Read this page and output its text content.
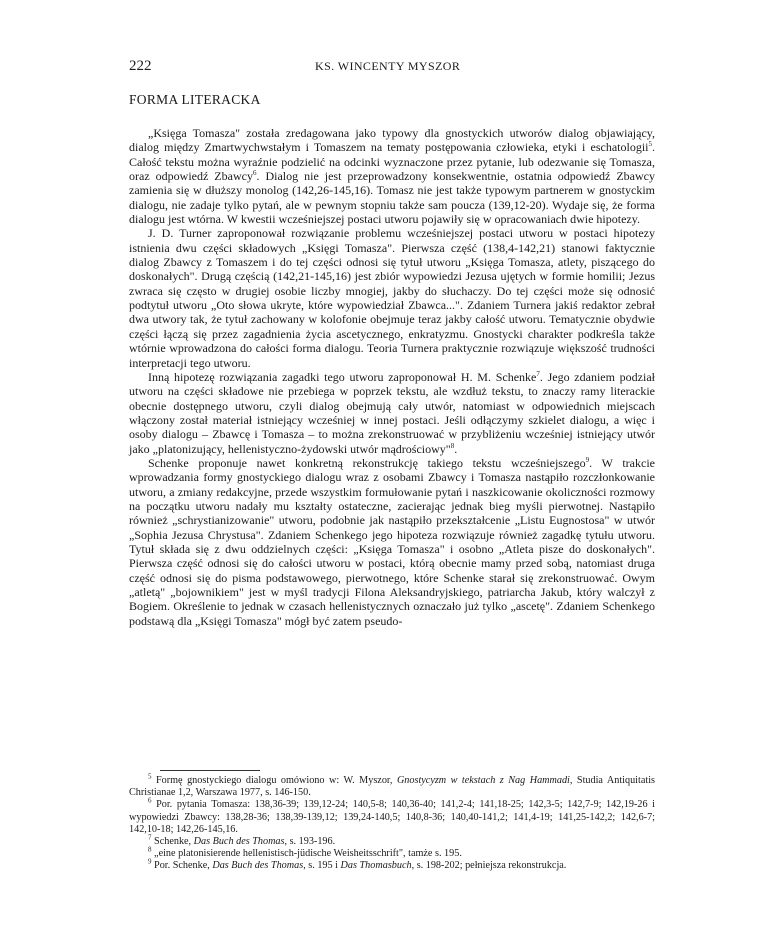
222	KS. WINCENTY MYSZOR
FORMA LITERACKA

„Księga Tomasza" została zredagowana jako typowy dla gnostyckich utworów dialog objawiający, dialog między Zmartwychwstałym i Tomaszem na tematy postępowania człowieka, etyki i eschatologii$^5$. Całość tekstu można wyraźnie podzielić na odcinki wyznaczone przez pytanie, lub odezwanie się Tomasza, oraz odpowiedź Zbawcy$^6$. Dialog nie jest przeprowadzony konsekwentnie, ostatnia odpowiedź Zbawcy zamienia się w dłuższy monolog (142,26-145,16). Tomasz nie jest także typowym partnerem w gnostyckim dialogu, nie zadaje tylko pytań, ale w pewnym stopniu także sam poucza (139,12-20). Wydaje się, że forma dialogu jest wtórna. W kwestii wcześniejszej postaci utworu pojawiły się w opracowaniach dwie hipotezy.

J. D. Turner zaproponował rozwiązanie problemu wcześniejszej postaci utworu w postaci hipotezy istnienia dwu części składowych „Księgi Tomasza". Pierwsza część (138,4-142,21) stanowi faktycznie dialog Zbawcy z Tomaszem i do tej części odnosi się tytuł utworu „Księga Tomasza, atlety, piszącego do doskonałych". Drugą częścią (142,21-145,16) jest zbiór wypowiedzi Jezusa ujętych w formie homilii; Jezus zwraca się często w drugiej osobie liczby mnogiej, jakby do słuchaczy. Do tej części może się odnosić podtytuł utworu „Oto słowa ukryte, które wypowiedział Zbawca...". Zdaniem Turnera jakiś redaktor zebrał dwa utwory tak, że tytuł zachowany w kolofonie obejmuje teraz jakby całość utworu. Tematycznie obydwie części łączą się przez zagadnienia życia ascetycznego, enkratyzmu. Gnostycki charakter podkreśla także wtórnie wprowadzona do całości forma dialogu. Teoria Turnera praktycznie rozwiązuje większość trudności interpretacji tego utworu.

Inną hipotezę rozwiązania zagadki tego utworu zaproponował H. M. Schenke$^7$. Jego zdaniem podział utworu na części składowe nie przebiega w poprzek tekstu, ale wzdłuż tekstu, to znaczy ramy literackie obecnie dostępnego utworu, czyli dialog obejmują cały utwór, natomiast w odpowiednich miejscach włączony został materiał istniejący wcześniej w innej postaci. Jeśli odłączymy szkielet dialogu, a więc i osoby dialogu – Zbawcę i Tomasza – to można zrekonstruować w przybliżeniu wcześniej istniejący utwór jako „platonizujący, hellenistyczno-żydowski utwór mądrościowy"$^8$.

Schenke proponuje nawet konkretną rekonstrukcję takiego tekstu wcześniejszego$^9$. W trakcie wprowadzania formy gnostyckiego dialogu wraz z osobami Zbawcy i Tomasza nastąpiło rozczłonkowanie utworu, a zmiany redakcyjne, przede wszystkim formułowanie pytań i naszkicowanie okoliczności rozmowy na początku utworu nadały mu kształty ostateczne, zacierając jednak bieg myśli pierwotnej. Nastąpiło również „schrystianizowanie" utworu, podobnie jak nastąpiło przekształcenie „Listu Eugnostosa" w utwór „Sophia Jezusa Chrystusa". Zdaniem Schenkego jego hipoteza rozwiązuje również zagadkę tytułu utworu. Tytuł składa się z dwu oddzielnych części: „Księga Tomasza" i osobno „Atleta pisze do doskonałych". Pierwsza część odnosi się do całości utworu w postaci, którą obecnie mamy przed sobą, natomiast druga część odnosi się do pisma podstawowego, pierwotnego, które Schenke starał się zrekonstruować. Owym „atletą" „bojownikiem" jest w myśl tradycji Filona Aleksandryjskiego, patriarcha Jakub, który walczył z Bogiem. Określenie to jednak w czasach hellenistycznych oznaczało już tylko „ascetę". Zdaniem Schenkego podstawą dla „Księgi Tomasza" mógł być zatem pseudo-

$^5$ Formę gnostyckiego dialogu omówiono w: W. Myszor, Gnostycyzm w tekstach z Nag Hammadi, Studia Antiquitatis Christianae 1,2, Warszawa 1977, s. 146-150.

$^6$ Por. pytania Tomasza: 138,36-39; 139,12-24; 140,5-8; 140,36-40; 141,2-4; 141,18-25; 142,3-5; 142,7-9; 142,19-26 i wypowiedzi Zbawcy: 138,28-36; 138,39-139,12; 139,24-140,5; 140,8-36; 140,40-141,2; 141,4-19; 141,25-142,2; 142,6-7; 142,10-18; 142,26-145,16.

$^7$ Schenke, Das Buch des Thomas, s. 193-196.

$^8$ „eine platonisierende hellenistisch-jüdische Weisheitsschrift", tamże s. 195.

$^9$ Por. Schenke, Das Buch des Thomas, s. 195 i Das Thomasbuch, s. 198-202; pełniejsza rekonstrukcja.
